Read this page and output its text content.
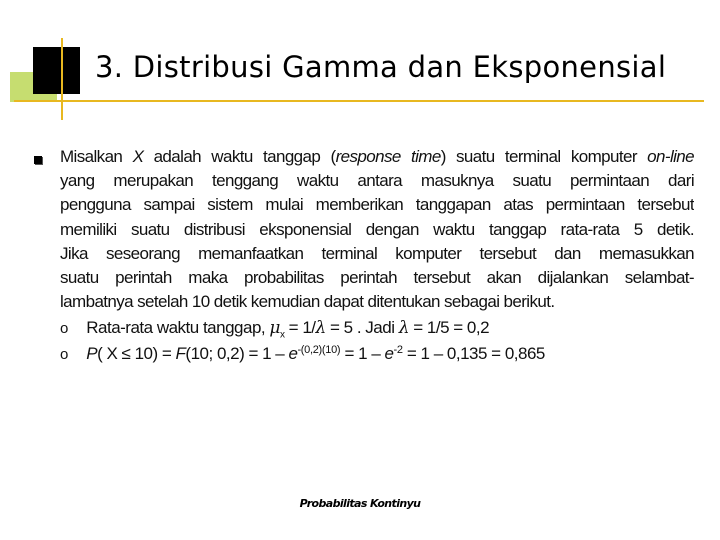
3. Distribusi Gamma dan Eksponensial
Misalkan X adalah waktu tanggap (response time) suatu terminal komputer on-line
yang merupakan tenggang waktu antara masuknya suatu permintaan dari
pengguna sampai sistem mulai memberikan tanggapan atas permintaan tersebut
memiliki suatu distribusi eksponensial dengan waktu tanggap rata-rata 5 detik.
Jika seseorang memanfaatkan terminal komputer tersebut dan memasukkan
suatu perintah maka probabilitas perintah tersebut akan dijalankan selambat-
lambatnya setelah 10 detik kemudian dapat ditentukan sebagai berikut.
o Rata-rata waktu tanggap, $\mu_x = 1/\lambda = 5$ . Jadi λ = 1/5 = 0,2
o P( X ≤ 10) = F(10; $0,2) = 1 - e^{-(0,2)(10)} = 1 - e^{-2} = 1 - 0,135 = 0,865$
Probabilitas Kontinyu
